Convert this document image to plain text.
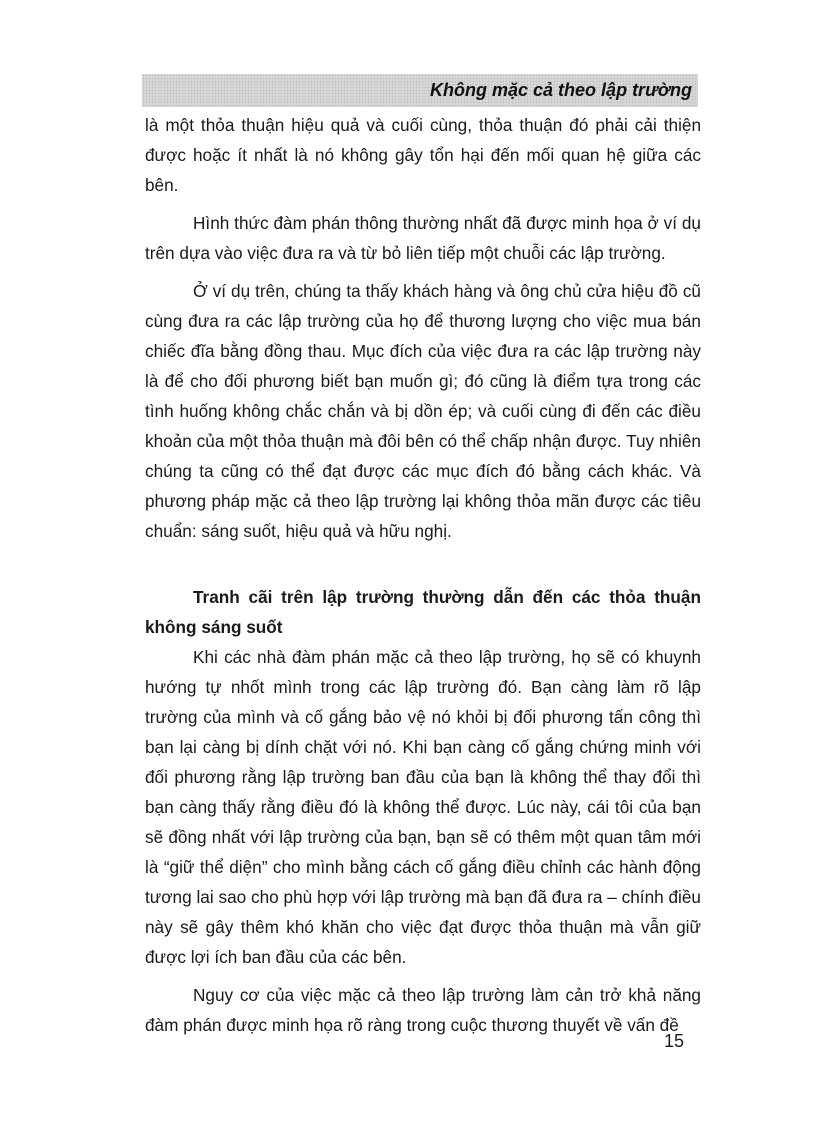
Không mặc cả theo lập trường

là một thỏa thuận hiệu quả và cuối cùng, thỏa thuận đó phải cải thiện được hoặc ít nhất là nó không gây tổn hại đến mối quan hệ giữa các bên.

Hình thức đàm phán thông thường nhất đã được minh họa ở ví dụ trên dựa vào việc đưa ra và từ bỏ liên tiếp một chuỗi các lập trường.

Ở ví dụ trên, chúng ta thấy khách hàng và ông chủ cửa hiệu đồ cũ cùng đưa ra các lập trường của họ để thương lượng cho việc mua bán chiếc đĩa bằng đồng thau. Mục đích của việc đưa ra các lập trường này là để cho đối phương biết bạn muốn gì; đó cũng là điểm tựa trong các tình huống không chắc chắn và bị dồn ép; và cuối cùng đi đến các điều khoản của một thỏa thuận mà đôi bên có thể chấp nhận được. Tuy nhiên chúng ta cũng có thể đạt được các mục đích đó bằng cách khác. Và phương pháp mặc cả theo lập trường lại không thỏa mãn được các tiêu chuẩn: sáng suốt, hiệu quả và hữu nghị.

Tranh cãi trên lập trường thường dẫn đến các thỏa thuận không sáng suốt

Khi các nhà đàm phán mặc cả theo lập trường, họ sẽ có khuynh hướng tự nhốt mình trong các lập trường đó. Bạn càng làm rõ lập trường của mình và cố gắng bảo vệ nó khỏi bị đối phương tấn công thì bạn lại càng bị dính chặt với nó. Khi bạn càng cố gắng chứng minh với đối phương rằng lập trường ban đầu của bạn là không thể thay đổi thì bạn càng thấy rằng điều đó là không thể được. Lúc này, cái tôi của bạn sẽ đồng nhất với lập trường của bạn, bạn sẽ có thêm một quan tâm mới là “giữ thể diện” cho mình bằng cách cố gắng điều chỉnh các hành động tương lai sao cho phù hợp với lập trường mà bạn đã đưa ra – chính điều này sẽ gây thêm khó khăn cho việc đạt được thỏa thuận mà vẫn giữ được lợi ích ban đầu của các bên.

Nguy cơ của việc mặc cả theo lập trường làm cản trở khả năng đàm phán được minh họa rõ ràng trong cuộc thương thuyết về vấn đề

15
